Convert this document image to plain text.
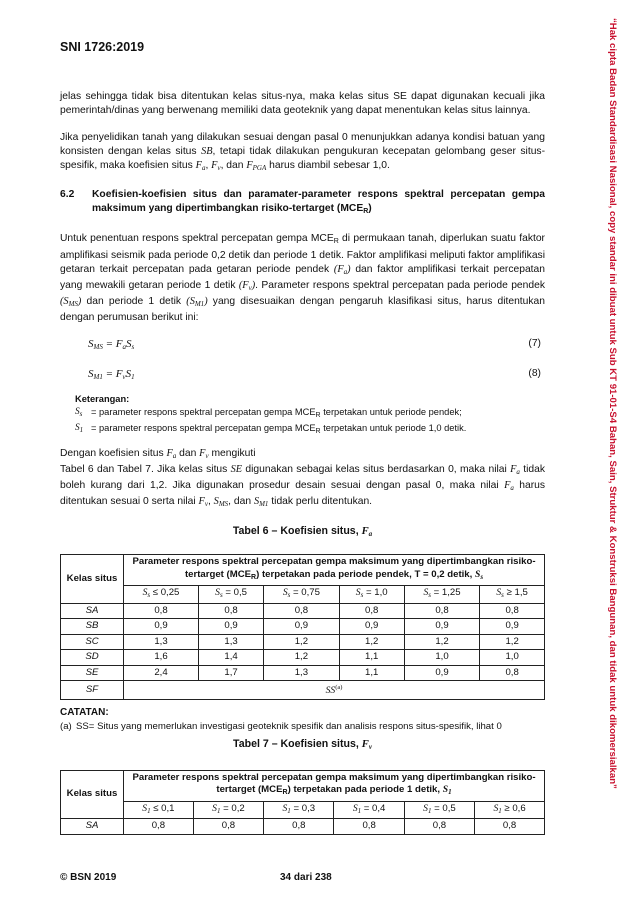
SNI 1726:2019	“Hak cipta Badan Standardisasi Nasional, copy standar ini dibuat untuk Sub KT 91-01-S4 Bahan, Sain, Struktur & Konstruksi Bangunan, dan tidak untuk dikomersialkan”

jelas sehingga tidak bisa ditentukan kelas situs-nya, maka kelas situs SE dapat digunakan kecuali jika pemerintah/dinas yang berwenang memiliki data geoteknik yang dapat menentukan kelas situs lainnya.

Jika penyelidikan tanah yang dilakukan sesuai dengan pasal 0 menunjukkan adanya kondisi batuan yang konsisten dengan kelas situs SB, tetapi tidak dilakukan pengukuran kecepatan gelombang geser situs-spesifik, maka koefisien situs $F_a$, $F_v$, dan $F_{PGA}$ harus diambil sebesar 1,0.

6.2	Koefisien-koefisien situs dan paramater-parameter respons spektral percepatan gempa maksimum yang dipertimbangkan risiko-tertarget $(MCE_R)$

Untuk penentuan respons spektral percepatan gempa $MCE_R$ di permukaan tanah, diperlukan suatu faktor amplifikasi seismik pada periode 0,2 detik dan periode 1 detik. Faktor amplifikasi meliputi faktor amplifikasi getaran terkait percepatan pada getaran periode pendek $(F_a)$ dan faktor amplifikasi terkait percepatan yang mewakili getaran periode 1 detik $(F_v)$. Parameter respons spektral percepatan pada periode pendek $(S_{MS})$ dan periode 1 detik $(S_{M1})$ yang disesuaikan dengan pengaruh klasifikasi situs, harus ditentukan dengan perumusan berikut ini:

$S_{MS} = F_aS_s$	(7)
$S_{M1} = F_vS_1$	(8)
Keterangan:
$S_s$ = parameter respons spektral percepatan gempa $MCE_R$ terpetakan untuk periode pendek;
$S_1$ = parameter respons spektral percepatan gempa $MCE_R$ terpetakan untuk periode 1,0 detik.

Dengan koefisien situs $F_a$ dan $F_v$ mengikuti

Tabel 6 dan Tabel 7. Jika kelas situs SE digunakan sebagai kelas situs berdasarkan 0, maka nilai $F_a$ tidak boleh kurang dari 1,2. Jika digunakan prosedur desain sesuai dengan pasal 0, maka nilai $F_a$ harus ditentukan sesuai 0 serta nilai $F_v$, $S_{MS}$, dan $S_{M1}$ tidak perlu ditentukan.

Tabel 6 – Koefisien situs, $F_a$
Kelas situs	Parameter respons spektral percepatan gempa maksimum yang dipertimbangkan risiko-tertarget $(MCE_R)$ terpetakan pada periode pendek, T = 0,2 detik, $S_s$
	$S_s \le 0,25$	$S_s = 0,5$	$S_s = 0,75$	$S_s = 1,0$	$S_s = 1,25$	$S_s \ge 1,5$
SA	0,8	0,8	0,8	0,8	0,8	0,8
SB	0,9	0,9	0,9	0,9	0,9	0,9
SC	1,3	1,3	1,2	1,2	1,2	1,2
SD	1,6	1,4	1,2	1,1	1,0	1,0
SE	2,4	1,7	1,3	1,1	0,9	0,8
SF	SS$^{(a)}$
CATATAN:
(a) SS= Situs yang memerlukan investigasi geoteknik spesifik dan analisis respons situs-spesifik, lihat 0
Tabel 7 – Koefisien situs, $F_v$
Kelas situs	Parameter respons spektral percepatan gempa maksimum yang dipertimbangkan risiko-tertarget $(MCE_R)$ terpetakan pada periode 1 detik, $S_1$
	$S_1 \le 0,1$	$S_1 = 0,2$	$S_1 = 0,3$	$S_1 = 0,4$	$S_1 = 0,5$	$S_1 \ge 0,6$
SA	0,8	0,8	0,8	0,8	0,8	0,8
© BSN 2019	34 dari 238
